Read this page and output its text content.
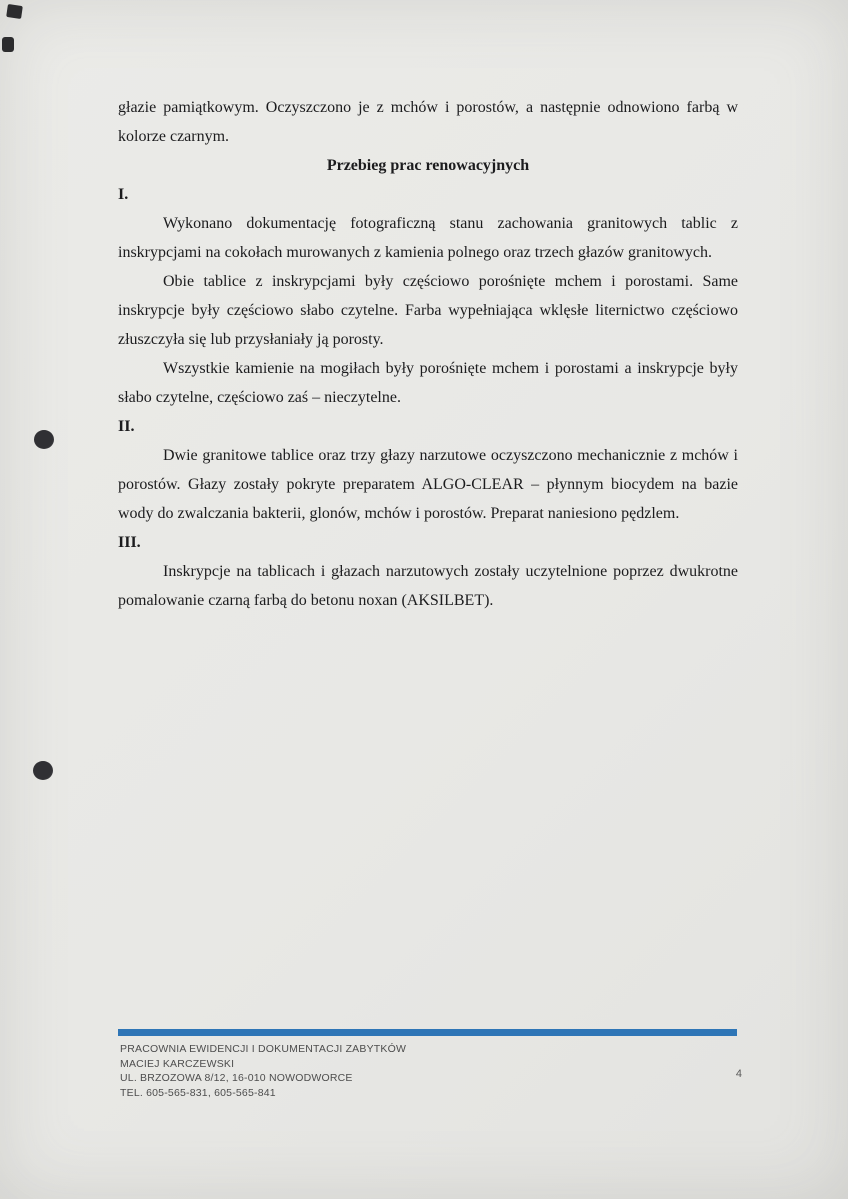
głazie pamiątkowym. Oczyszczono je z mchów i porostów, a następnie odnowiono farbą w kolorze czarnym.

Przebieg prac renowacyjnych

I.

Wykonano dokumentację fotograficzną stanu zachowania granitowych tablic z inskrypcjami na cokołach murowanych z kamienia polnego oraz trzech głazów granitowych.

Obie tablice z inskrypcjami były częściowo porośnięte mchem i porostami. Same inskrypcje były częściowo słabo czytelne. Farba wypełniająca wklęsłe liternictwo częściowo złuszczyła się lub przysłaniały ją porosty.

Wszystkie kamienie na mogiłach były porośnięte mchem i porostami a inskrypcje były słabo czytelne, częściowo zaś – nieczytelne.

II.

Dwie granitowe tablice oraz trzy głazy narzutowe oczyszczono mechanicznie z mchów i porostów. Głazy zostały pokryte preparatem ALGO-CLEAR – płynnym biocydem na bazie wody do zwalczania bakterii, glonów, mchów i porostów. Preparat naniesiono pędzlem.

III.

Inskrypcje na tablicach i głazach narzutowych zostały uczytelnione poprzez dwukrotne pomalowanie czarną farbą do betonu noxan (AKSILBET).

PRACOWNIA EWIDENCJI I DOKUMENTACJI ZABYTKÓW
MACIEJ KARCZEWSKI
UL. BRZOZOWA 8/12, 16-010 NOWODWORCE
TEL. 605-565-831, 605-565-841
4
